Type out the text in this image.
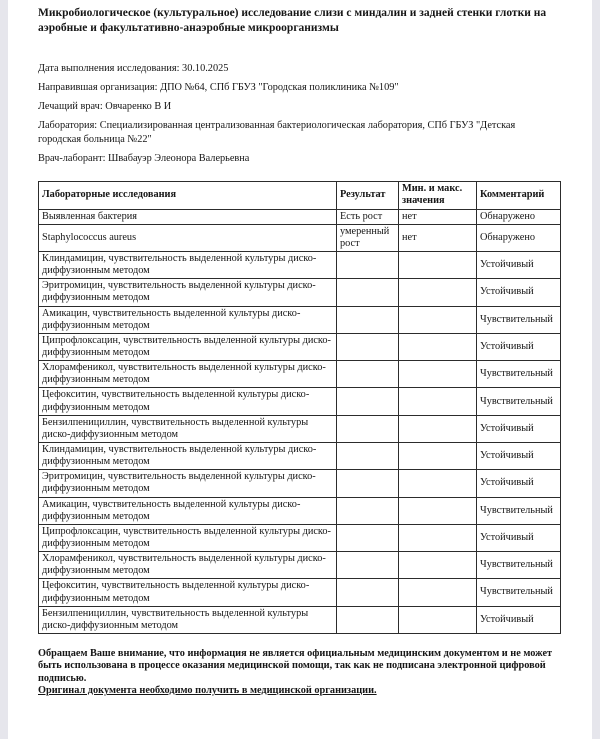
Микробиологическое (культуральное) исследование слизи с миндалин и задней стенки глотки на
аэробные и факультативно-анаэробные микроорганизмы

Дата выполнения исследования: 30.10.2025

Направившая организация: ДПО №64, СПб ГБУЗ "Городская поликлиника №109"

Лечащий врач: Овчаренко В И

Лаборатория: Специализированная централизованная бактериологическая лаборатория, СПб ГБУЗ "Детская городская больница №22"

Врач-лаборант: Швабауэр Элеонора Валерьевна

Лабораторные исследования	Результат	Мин. и макс. значения	Комментарий
Выявленная бактерия	Есть рост	нет	Обнаружено
Staphylococcus aureus	умеренный рост	нет	Обнаружено
Клиндамицин, чувствительность выделенной культуры диско-диффузионным методом			Устойчивый
Эритромицин, чувствительность выделенной культуры диско-диффузионным методом			Устойчивый
Амикацин, чувствительность выделенной культуры диско-диффузионным методом			Чувствительный
Ципрофлоксацин, чувствительность выделенной культуры диско-диффузионным методом			Устойчивый
Хлорамфеникол, чувствительность выделенной культуры диско-диффузионным методом			Чувствительный
Цефокситин, чувствительность выделенной культуры диско-диффузионным методом			Чувствительный
Бензилпенициллин, чувствительность выделенной культуры диско-диффузионным методом			Устойчивый
Клиндамицин, чувствительность выделенной культуры диско-диффузионным методом			Устойчивый
Эритромицин, чувствительность выделенной культуры диско-диффузионным методом			Устойчивый
Амикацин, чувствительность выделенной культуры диско-диффузионным методом			Чувствительный
Ципрофлоксацин, чувствительность выделенной культуры диско-диффузионным методом			Устойчивый
Хлорамфеникол, чувствительность выделенной культуры диско-диффузионным методом			Чувствительный
Цефокситин, чувствительность выделенной культуры диско-диффузионным методом			Чувствительный
Бензилпенициллин, чувствительность выделенной культуры диско-диффузионным методом			Устойчивый

Обращаем Ваше внимание, что информация не является официальным медицинским документом и не может быть использована в процессе оказания медицинской помощи, так как не подписана электронной цифровой подписью.
Оригинал документа необходимо получить в медицинской организации.
